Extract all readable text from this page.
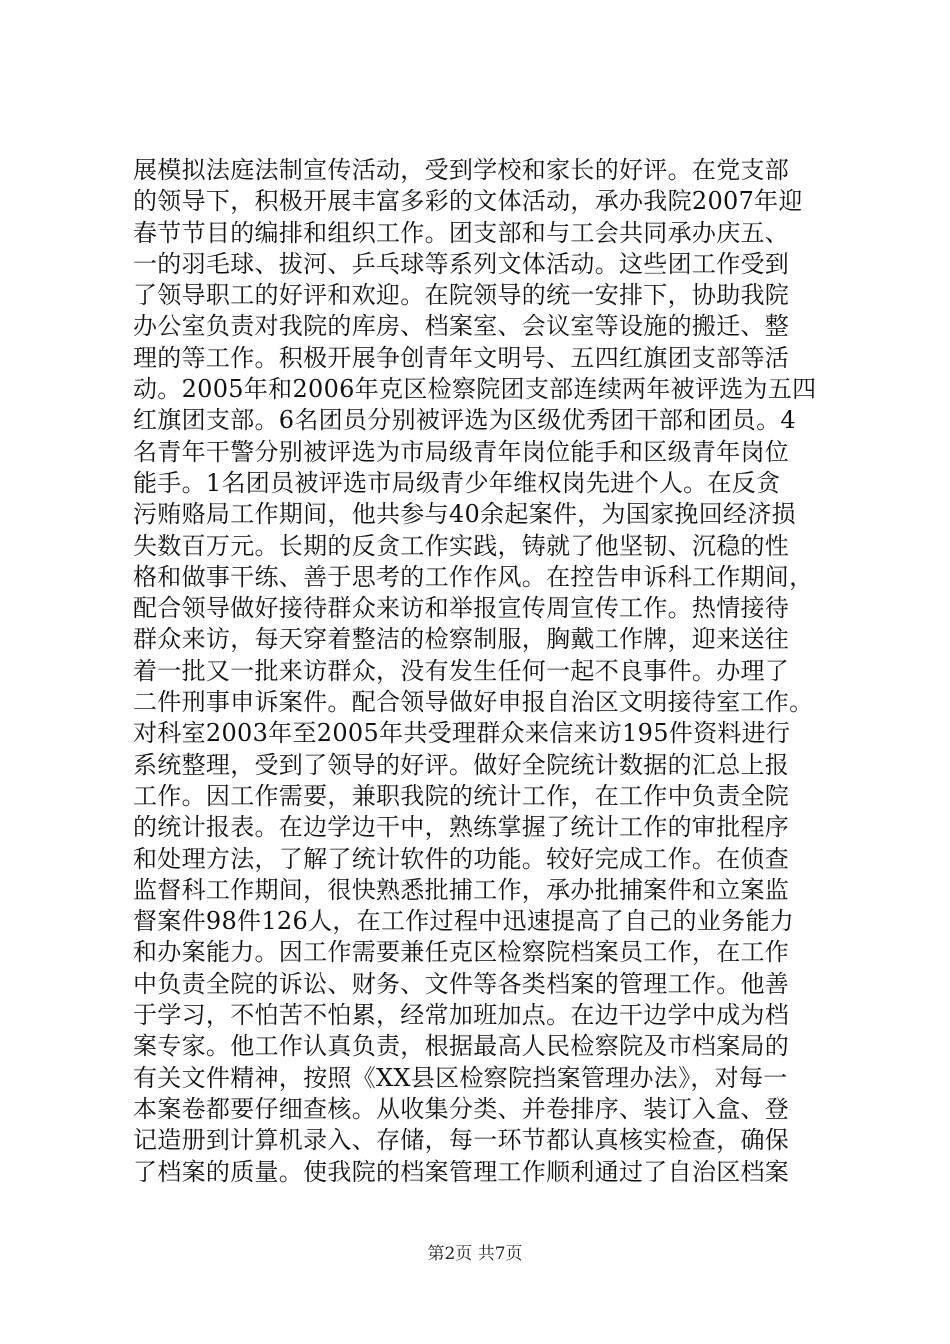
展模拟法庭法制宣传活动，受到学校和家长的好评。在党支部
的领导下，积极开展丰富多彩的文体活动，承办我院2007年迎
春节节目的编排和组织工作。团支部和与工会共同承办庆五、
一的羽毛球、拔河、乒乓球等系列文体活动。这些团工作受到
了领导职工的好评和欢迎。在院领导的统一安排下，协助我院
办公室负责对我院的库房、档案室、会议室等设施的搬迁、整
理的等工作。积极开展争创青年文明号、五四红旗团支部等活
动。2005年和2006年克区检察院团支部连续两年被评选为五四
红旗团支部。6名团员分别被评选为区级优秀团干部和团员。4
名青年干警分别被评选为市局级青年岗位能手和区级青年岗位
能手。1名团员被评选市局级青少年维权岗先进个人。在反贪
污贿赂局工作期间，他共参与40余起案件，为国家挽回经济损
失数百万元。长期的反贪工作实践，铸就了他坚韧、沉稳的性
格和做事干练、善于思考的工作作风。在控告申诉科工作期间，
配合领导做好接待群众来访和举报宣传周宣传工作。热情接待
群众来访，每天穿着整洁的检察制服，胸戴工作牌，迎来送往
着一批又一批来访群众，没有发生任何一起不良事件。办理了
二件刑事申诉案件。配合领导做好申报自治区文明接待室工作。
对科室2003年至2005年共受理群众来信来访195件资料进行
系统整理，受到了领导的好评。做好全院统计数据的汇总上报
工作。因工作需要，兼职我院的统计工作，在工作中负责全院
的统计报表。在边学边干中，熟练掌握了统计工作的审批程序
和处理方法，了解了统计软件的功能。较好完成工作。在侦查
监督科工作期间，很快熟悉批捕工作，承办批捕案件和立案监
督案件98件126人，在工作过程中迅速提高了自己的业务能力
和办案能力。因工作需要兼任克区检察院档案员工作，在工作
中负责全院的诉讼、财务、文件等各类档案的管理工作。他善
于学习，不怕苦不怕累，经常加班加点。在边干边学中成为档
案专家。他工作认真负责，根据最高人民检察院及市档案局的
有关文件精神，按照《XX县区检察院挡案管理办法》，对每一
本案卷都要仔细查核。从收集分类、并卷排序、装订入盒、登
记造册到计算机录入、存储，每一环节都认真核实检查，确保
了档案的质量。使我院的档案管理工作顺利通过了自治区档案
第2页 共7页
